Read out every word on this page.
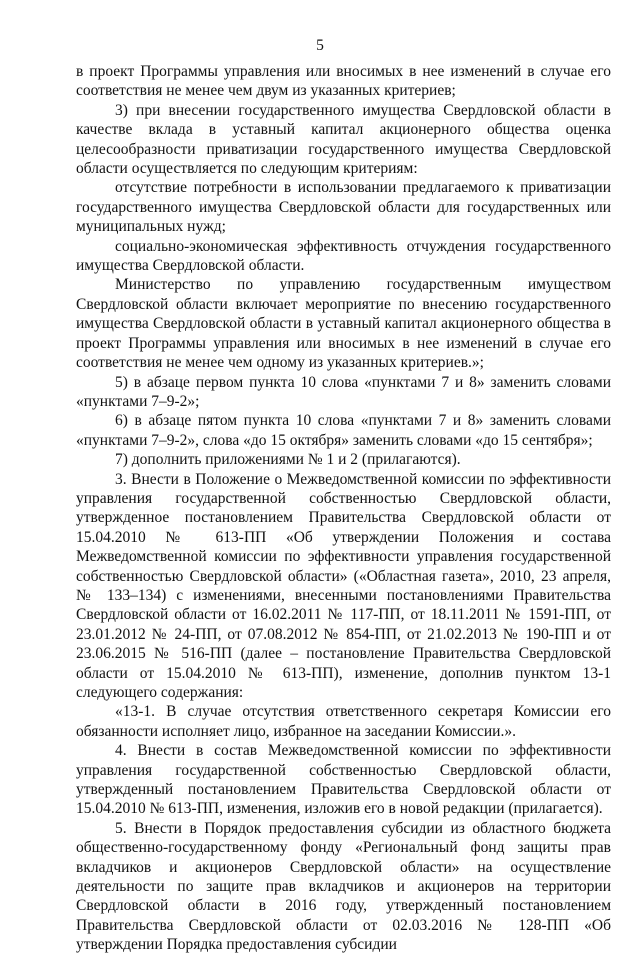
5

в проект Программы управления или вносимых в нее изменений в случае его соответствия не менее чем двум из указанных критериев;

3) при внесении государственного имущества Свердловской области в качестве вклада в уставный капитал акционерного общества оценка целесообразности приватизации государственного имущества Свердловской области осуществляется по следующим критериям:

отсутствие потребности в использовании предлагаемого к приватизации государственного имущества Свердловской области для государственных или муниципальных нужд;

социально-экономическая эффективность отчуждения государственного имущества Свердловской области.

Министерство по управлению государственным имуществом Свердловской области включает мероприятие по внесению государственного имущества Свердловской области в уставный капитал акционерного общества в проект Программы управления или вносимых в нее изменений в случае его соответствия не менее чем одному из указанных критериев.»;

5) в абзаце первом пункта 10 слова «пунктами 7 и 8» заменить словами «пунктами 7–9-2»;

6) в абзаце пятом пункта 10 слова «пунктами 7 и 8» заменить словами «пунктами 7–9-2», слова «до 15 октября» заменить словами «до 15 сентября»;

7) дополнить приложениями № 1 и 2 (прилагаются).

3. Внести в Положение о Межведомственной комиссии по эффективности управления государственной собственностью Свердловской области, утвержденное постановлением Правительства Свердловской области от 15.04.2010 № 613-ПП «Об утверждении Положения и состава Межведомственной комиссии по эффективности управления государственной собственностью Свердловской области» («Областная газета», 2010, 23 апреля, № 133–134) с изменениями, внесенными постановлениями Правительства Свердловской области от 16.02.2011 № 117-ПП, от 18.11.2011 № 1591-ПП, от 23.01.2012 № 24-ПП, от 07.08.2012 № 854-ПП, от 21.02.2013 № 190-ПП и от 23.06.2015 № 516-ПП (далее – постановление Правительства Свердловской области от 15.04.2010 № 613-ПП), изменение, дополнив пунктом 13-1 следующего содержания:

«13-1. В случае отсутствия ответственного секретаря Комиссии его обязанности исполняет лицо, избранное на заседании Комиссии.».

4. Внести в состав Межведомственной комиссии по эффективности управления государственной собственностью Свердловской области, утвержденный постановлением Правительства Свердловской области от 15.04.2010 № 613-ПП, изменения, изложив его в новой редакции (прилагается).

5. Внести в Порядок предоставления субсидии из областного бюджета общественно-государственному фонду «Региональный фонд защиты прав вкладчиков и акционеров Свердловской области» на осуществление деятельности по защите прав вкладчиков и акционеров на территории Свердловской области в 2016 году, утвержденный постановлением Правительства Свердловской области от 02.03.2016 № 128-ПП «Об утверждении Порядка предоставления субсидии
